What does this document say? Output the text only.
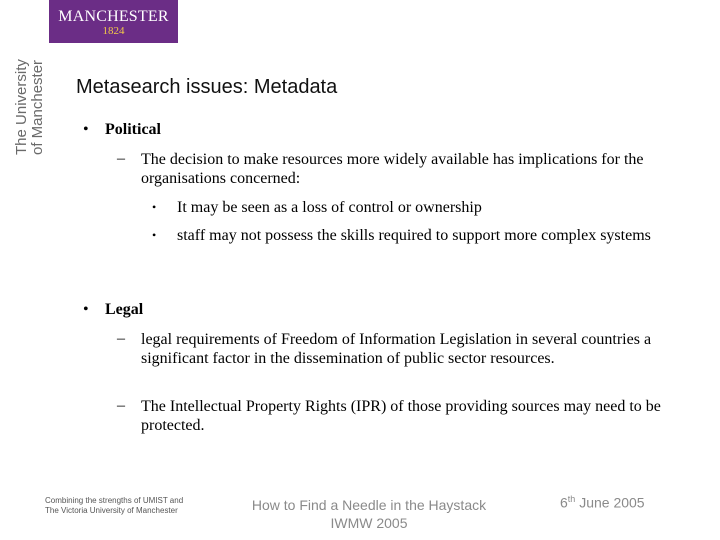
MANCHESTER
1824
The University of Manchester Metasearch issues: Metadata
• Political
– The decision to make resources more widely available has implications for the organisations concerned:
• It may be seen as a loss of control or ownership
• staff may not possess the skills required to support more complex systems
• Legal
– legal requirements of Freedom of Information Legislation in several countries a significant factor in the dissemination of public sector resources.
– The Intellectual Property Rights (IPR) of those providing sources may need to be protected.
Combining the strengths of UMIST and
The Victoria University of Manchester	How to Find a Needle in the Haystack
IWMW 2005
6th June 2005
